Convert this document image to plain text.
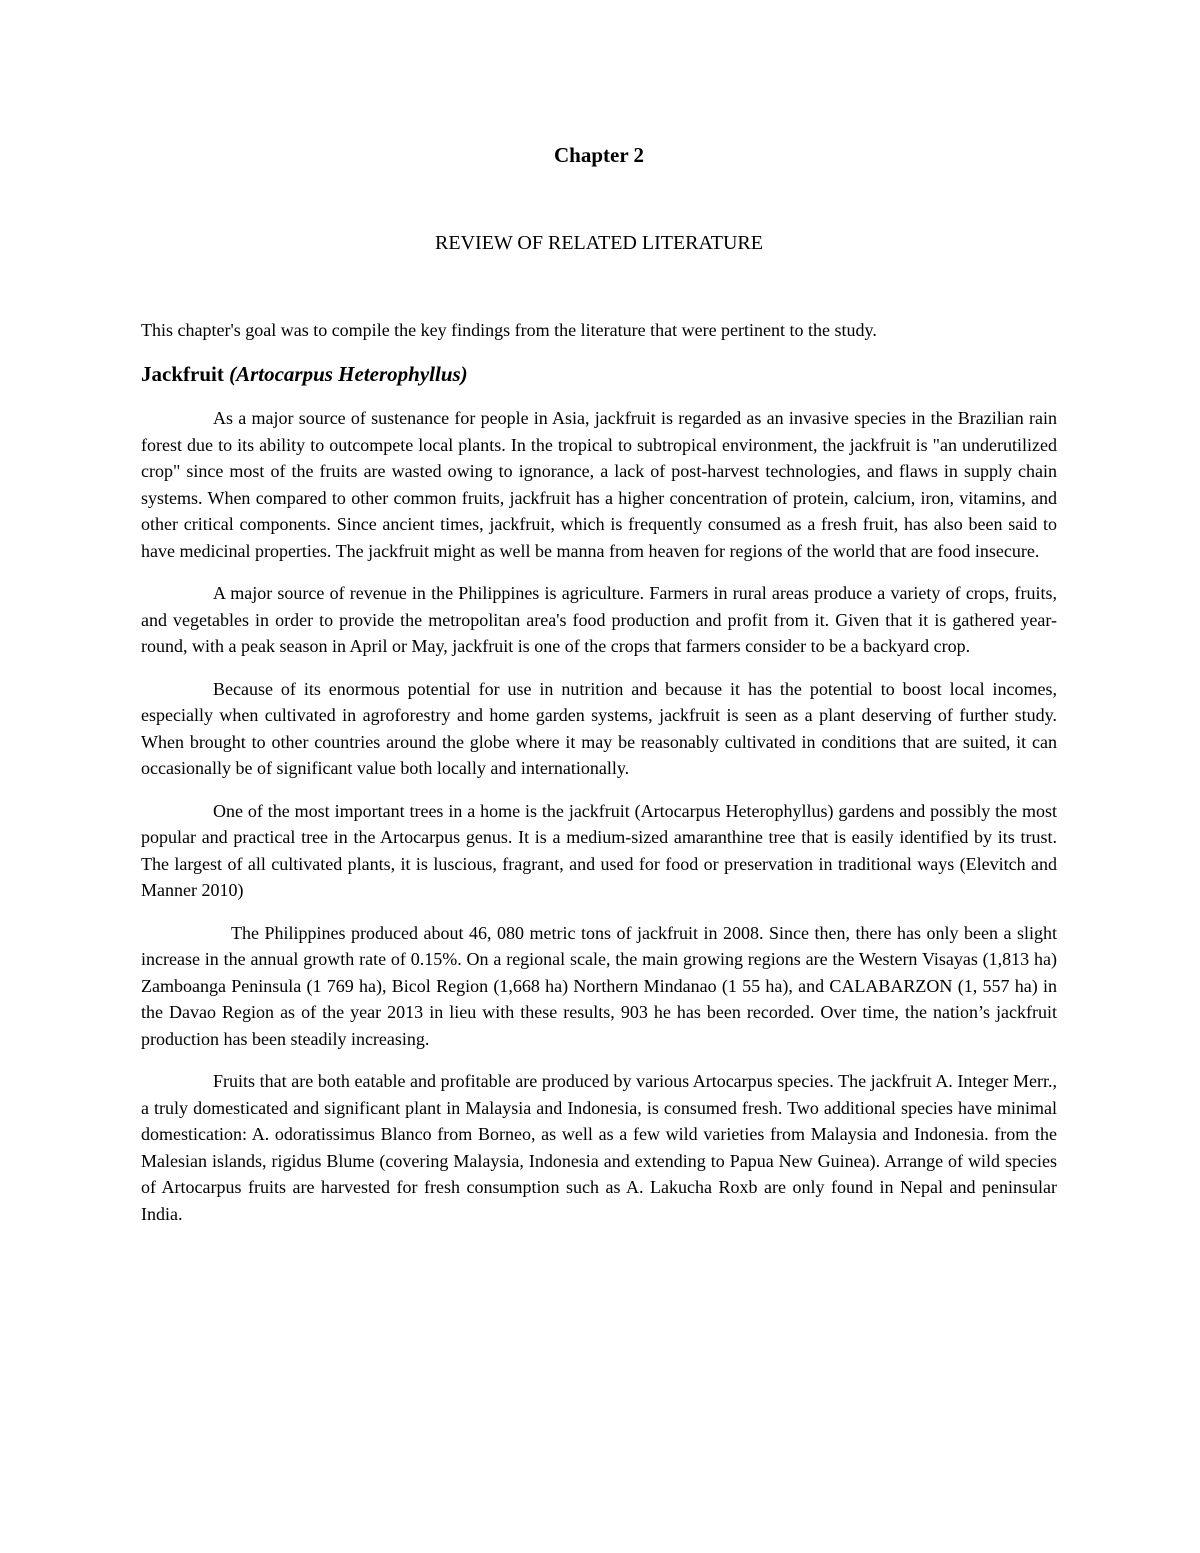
Chapter 2
REVIEW OF RELATED LITERATURE

This chapter's goal was to compile the key findings from the literature that were pertinent to the study.

Jackfruit (Artocarpus Heterophyllus)

As a major source of sustenance for people in Asia, jackfruit is regarded as an invasive species in the Brazilian rain forest due to its ability to outcompete local plants. In the tropical to subtropical environment, the jackfruit is "an underutilized crop" since most of the fruits are wasted owing to ignorance, a lack of post-harvest technologies, and flaws in supply chain systems. When compared to other common fruits, jackfruit has a higher concentration of protein, calcium, iron, vitamins, and other critical components. Since ancient times, jackfruit, which is frequently consumed as a fresh fruit, has also been said to have medicinal properties. The jackfruit might as well be manna from heaven for regions of the world that are food insecure.

A major source of revenue in the Philippines is agriculture. Farmers in rural areas produce a variety of crops, fruits, and vegetables in order to provide the metropolitan area's food production and profit from it. Given that it is gathered year-round, with a peak season in April or May, jackfruit is one of the crops that farmers consider to be a backyard crop.

Because of its enormous potential for use in nutrition and because it has the potential to boost local incomes, especially when cultivated in agroforestry and home garden systems, jackfruit is seen as a plant deserving of further study. When brought to other countries around the globe where it may be reasonably cultivated in conditions that are suited, it can occasionally be of significant value both locally and internationally.

One of the most important trees in a home is the jackfruit (Artocarpus Heterophyllus) gardens and possibly the most popular and practical tree in the Artocarpus genus. It is a medium-sized amaranthine tree that is easily identified by its trust. The largest of all cultivated plants, it is luscious, fragrant, and used for food or preservation in traditional ways (Elevitch and Manner 2010)

The Philippines produced about 46, 080 metric tons of jackfruit in 2008. Since then, there has only been a slight increase in the annual growth rate of 0.15%. On a regional scale, the main growing regions are the Western Visayas (1,813 ha) Zamboanga Peninsula (1 769 ha), Bicol Region (1,668 ha) Northern Mindanao (1 55 ha), and CALABARZON (1, 557 ha) in the Davao Region as of the year 2013 in lieu with these results, 903 he has been recorded. Over time, the nation’s jackfruit production has been steadily increasing.

Fruits that are both eatable and profitable are produced by various Artocarpus species. The jackfruit A. Integer Merr., a truly domesticated and significant plant in Malaysia and Indonesia, is consumed fresh. Two additional species have minimal domestication: A. odoratissimus Blanco from Borneo, as well as a few wild varieties from Malaysia and Indonesia. from the Malesian islands, rigidus Blume (covering Malaysia, Indonesia and extending to Papua New Guinea). Arrange of wild species of Artocarpus fruits are harvested for fresh consumption such as A. Lakucha Roxb are only found in Nepal and peninsular India.
